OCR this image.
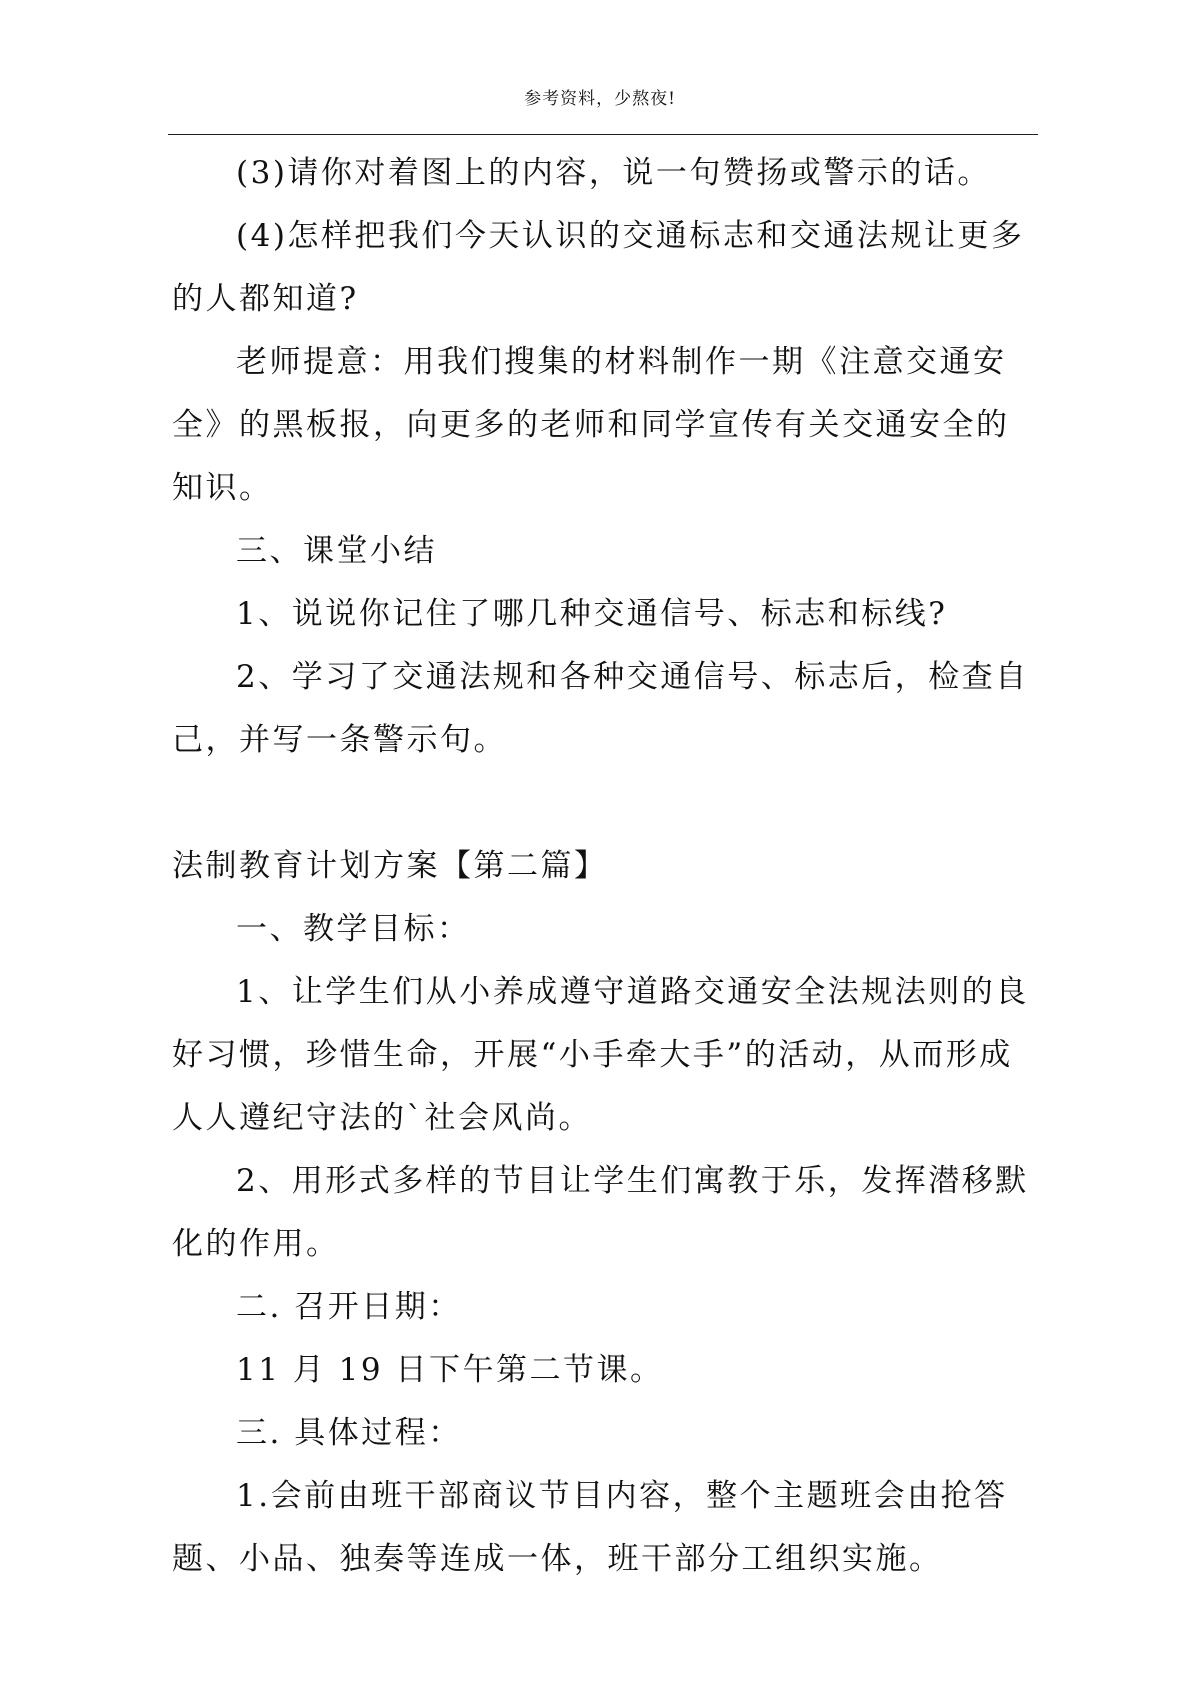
参考资料，少熬夜!

(3)请你对着图上的内容，说一句赞扬或警示的话。

(4)怎样把我们今天认识的交通标志和交通法规让更多的人都知道?

老师提意：用我们搜集的材料制作一期《注意交通安全》的黑板报，向更多的老师和同学宣传有关交通安全的知识。

三、课堂小结

1、说说你记住了哪几种交通信号、标志和标线?

2、学习了交通法规和各种交通信号、标志后，检查自己，并写一条警示句。

法制教育计划方案【第二篇】

一、教学目标：

1、让学生们从小养成遵守道路交通安全法规法则的良好习惯，珍惜生命，开展“小手牵大手”的活动，从而形成人人遵纪守法的`社会风尚。

2、用形式多样的节目让学生们寓教于乐，发挥潜移默化的作用。

二. 召开日期：

11 月 19 日下午第二节课。

三. 具体过程：

1.会前由班干部商议节目内容，整个主题班会由抢答题、小品、独奏等连成一体，班干部分工组织实施。
